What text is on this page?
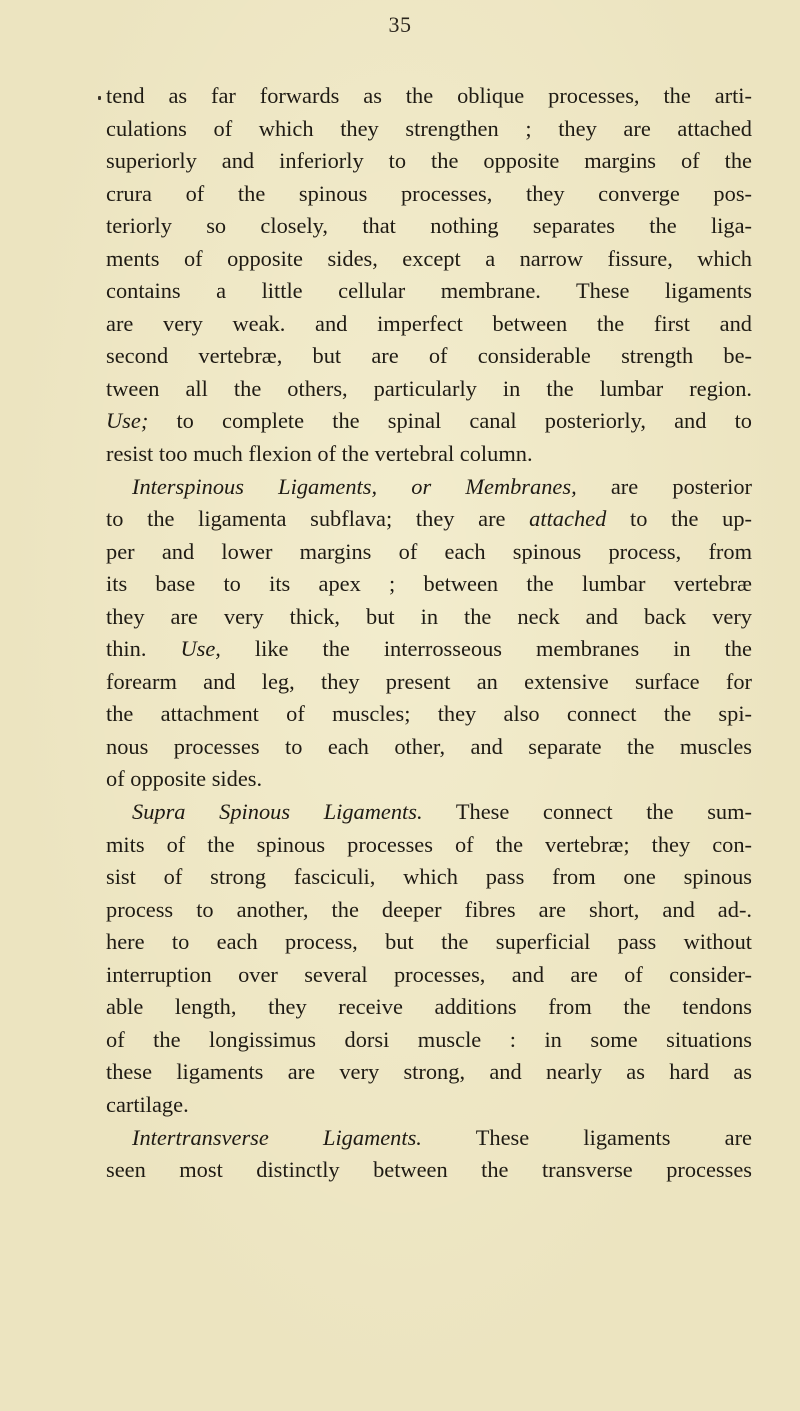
35
tend as far forwards as the oblique processes, the arti-
culations of which they strengthen ; they are attached
superiorly and inferiorly to the opposite margins of the
crura of the spinous processes, they converge pos-
teriorly so closely, that nothing separates the liga-
ments of opposite sides, except a narrow fissure, which
contains a little cellular membrane. These ligaments
are very weak. and imperfect between the first and
second vertebræ, but are of considerable strength be-
tween all the others, particularly in the lumbar region.
Use; to complete the spinal canal posteriorly, and to
resist too much flexion of the vertebral column.
Interspinous Ligaments, or Membranes, are posterior
to the ligamenta subflava; they are attached to the up-
per and lower margins of each spinous process, from
its base to its apex ; between the lumbar vertebræ
they are very thick, but in the neck and back very
thin. Use, like the interrosseous membranes in the
forearm and leg, they present an extensive surface for
the attachment of muscles; they also connect the spi-
nous processes to each other, and separate the muscles
of opposite sides.
Supra Spinous Ligaments. These connect the sum-
mits of the spinous processes of the vertebræ; they con-
sist of strong fasciculi, which pass from one spinous
process to another, the deeper fibres are short, and ad-.
here to each process, but the superficial pass without
interruption over several processes, and are of consider-
able length, they receive additions from the tendons
of the longissimus dorsi muscle : in some situations
these ligaments are very strong, and nearly as hard as
cartilage.
Intertransverse Ligaments. These ligaments are
seen most distinctly between the transverse processes
